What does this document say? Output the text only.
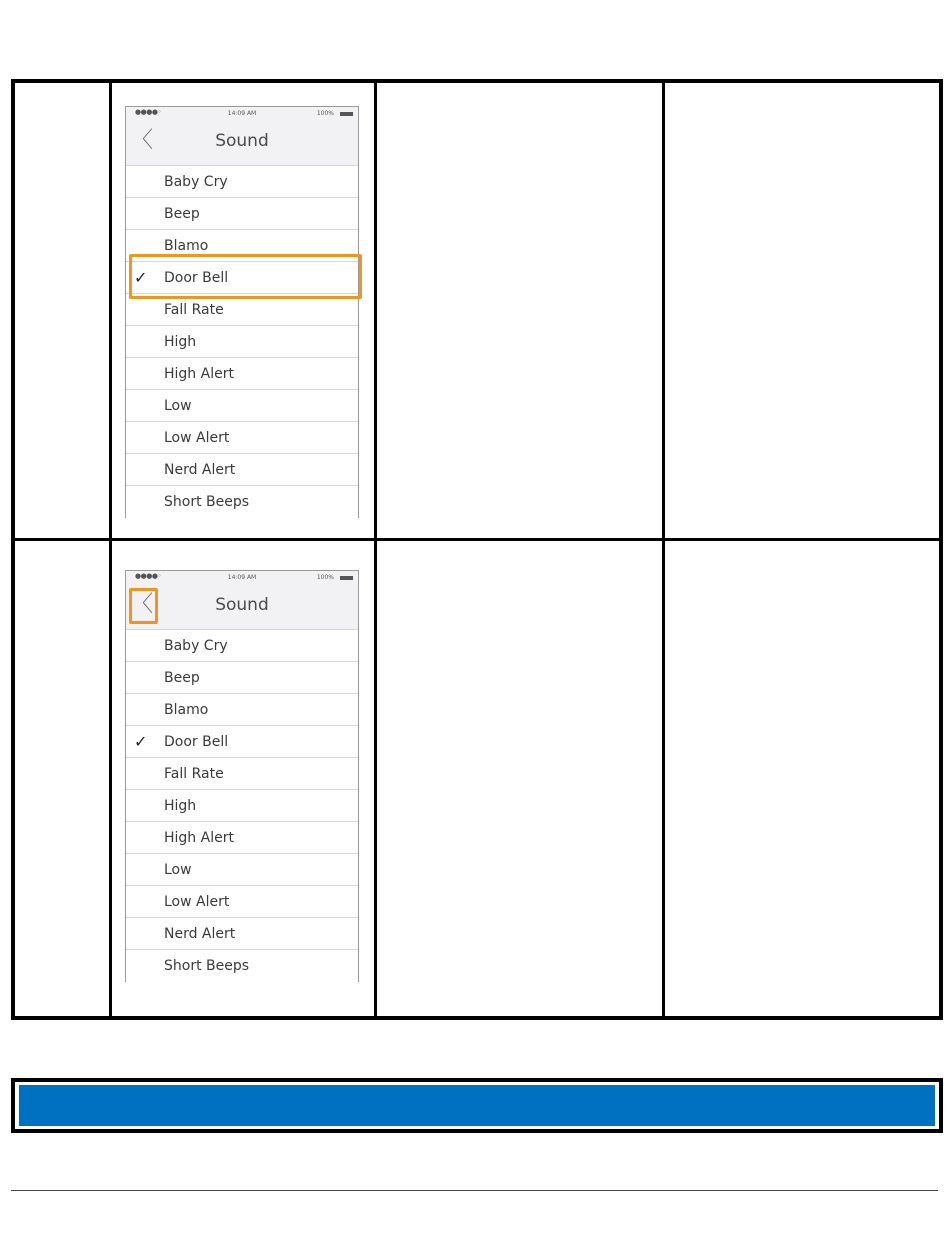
●●●●◦	14:09 AM	100%
〈	Sound
Baby Cry
Beep
Blamo
✓ Door Bell
Fall Rate
High
High Alert
Low
Low Alert
Nerd Alert
Short Beeps
●●●●◦	14:09 AM	100%
〈	Sound
Baby Cry
Beep
Blamo
✓ Door Bell
Fall Rate
High
High Alert
Low
Low Alert
Nerd Alert
Short Beeps
